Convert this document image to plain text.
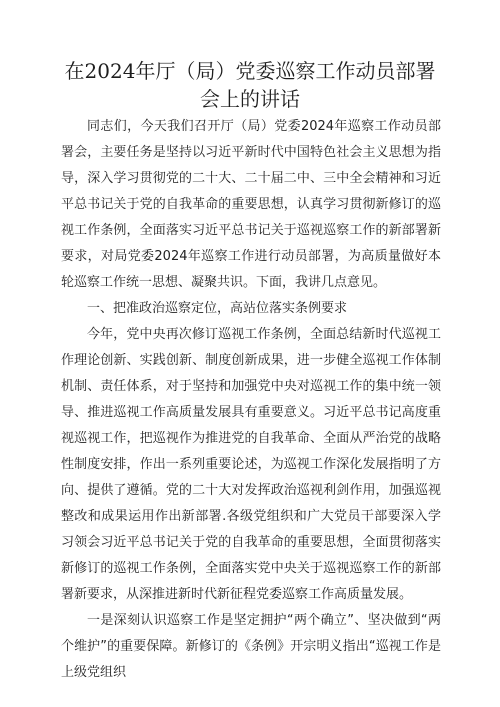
在2024年厅（局）党委巡察工作动员部署
会上的讲话

同志们，今天我们召开厅（局）党委2024年巡察工作动员部署会，主要任务是坚持以习近平新时代中国特色社会主义思想为指导，深入学习贯彻党的二十大、二十届二中、三中全会精神和习近平总书记关于党的自我革命的重要思想，认真学习贯彻新修订的巡视工作条例，全面落实习近平总书记关于巡视巡察工作的新部署新要求，对局党委2024年巡察工作进行动员部署，为高质量做好本轮巡察工作统一思想、凝聚共识。下面，我讲几点意见。

一、把准政治巡察定位，高站位落实条例要求

今年，党中央再次修订巡视工作条例，全面总结新时代巡视工作理论创新、实践创新、制度创新成果，进一步健全巡视工作体制机制、责任体系，对于坚持和加强党中央对巡视工作的集中统一领导、推进巡视工作高质量发展具有重要意义。习近平总书记高度重视巡视工作，把巡视作为推进党的自我革命、全面从严治党的战略性制度安排，作出一系列重要论述，为巡视工作深化发展指明了方向、提供了遵循。党的二十大对发挥政治巡视利剑作用，加强巡视整改和成果运用作出新部署.各级党组织和广大党员干部要深入学习领会习近平总书记关于党的自我革命的重要思想，全面贯彻落实新修订的巡视工作条例，全面落实党中央关于巡视巡察工作的新部署新要求，从深推进新时代新征程党委巡察工作高质量发展。

一是深刻认识巡察工作是坚定拥护“两个确立”、坚决做到“两个维护”的重要保障。新修订的《条例》开宗明义指出“巡视工作是上级党组织
